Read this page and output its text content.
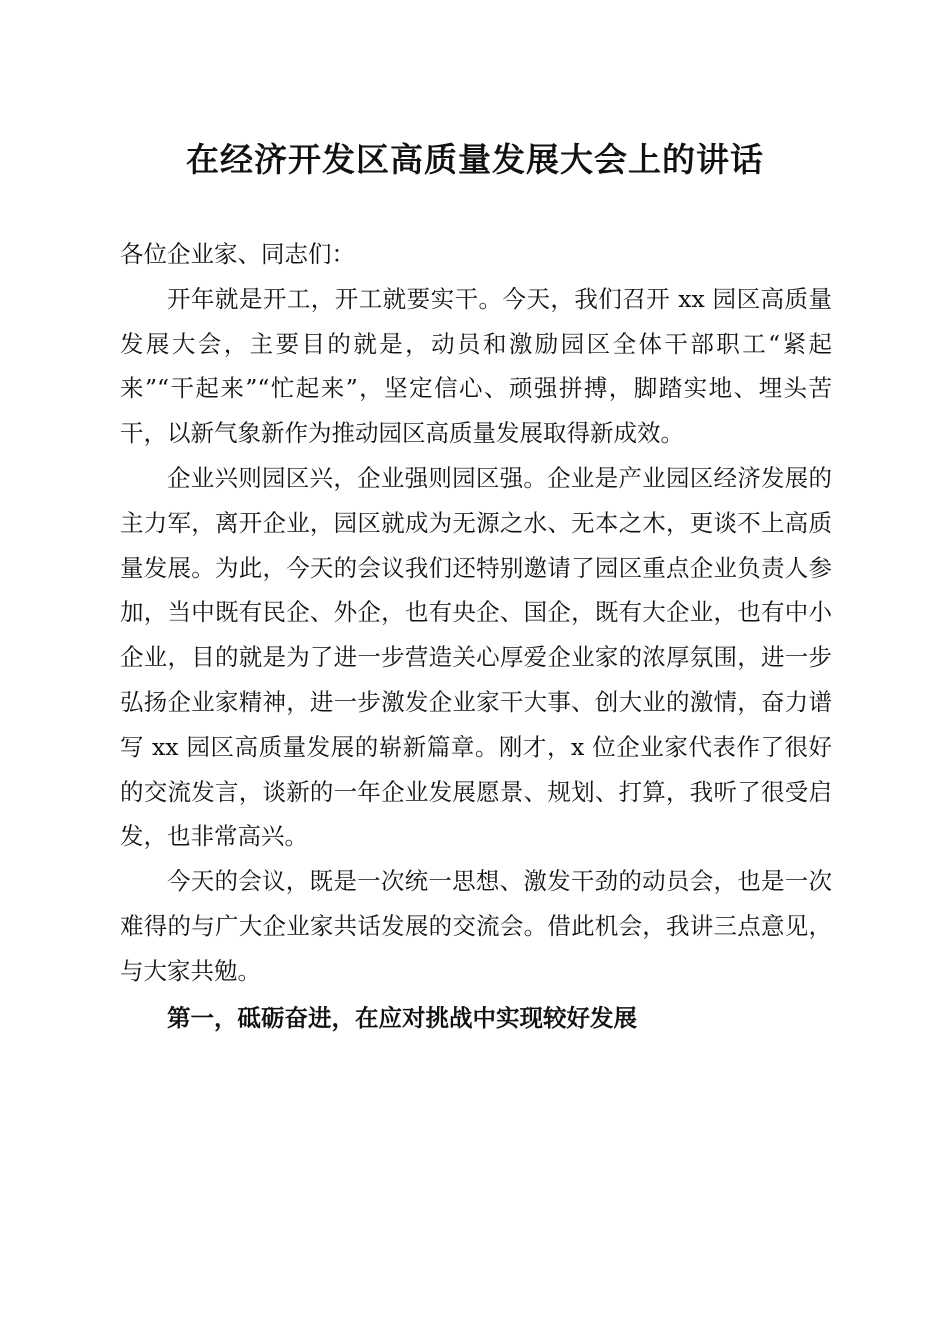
在经济开发区高质量发展大会上的讲话

各位企业家、同志们：

开年就是开工，开工就要实干。今天，我们召开 xx 园区高质量发展大会，主要目的就是，动员和激励园区全体干部职工“紧起来”“干起来”“忙起来”，坚定信心、顽强拼搏，脚踏实地、埋头苦干，以新气象新作为推动园区高质量发展取得新成效。

企业兴则园区兴，企业强则园区强。企业是产业园区经济发展的主力军，离开企业，园区就成为无源之水、无本之木，更谈不上高质量发展。为此，今天的会议我们还特别邀请了园区重点企业负责人参加，当中既有民企、外企，也有央企、国企，既有大企业，也有中小企业，目的就是为了进一步营造关心厚爱企业家的浓厚氛围，进一步弘扬企业家精神，进一步激发企业家干大事、创大业的激情，奋力谱写 xx 园区高质量发展的崭新篇章。刚才，x 位企业家代表作了很好的交流发言，谈新的一年企业发展愿景、规划、打算，我听了很受启发，也非常高兴。

今天的会议，既是一次统一思想、激发干劲的动员会，也是一次难得的与广大企业家共话发展的交流会。借此机会，我讲三点意见，与大家共勉。

第一，砥砺奋进，在应对挑战中实现较好发展
